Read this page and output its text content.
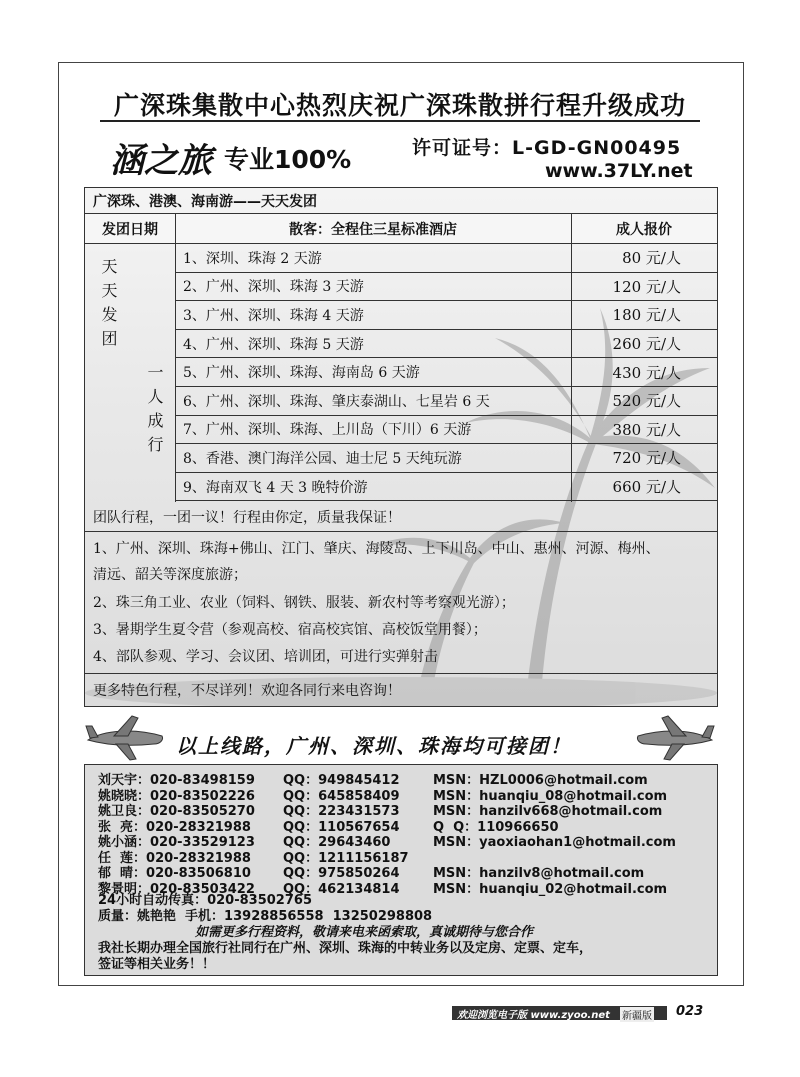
广深珠集散中心热烈庆祝广深珠散拼行程升级成功
涵之旅 专业100%	许可证号：L-GD-GN00495
www.37LY.net
广深珠、港澳、海南游——天天发团
发团日期	散客：全程住三星标准酒店	成人报价
1、深圳、珠海 2 天游	80 元/人
2、广州、深圳、珠海 3 天游	120 元/人
3、广州、深圳、珠海 4 天游	180 元/人
4、广州、深圳、珠海 5 天游	260 元/人
5、广州、深圳、珠海、海南岛 6 天游	430 元/人
6、广州、深圳、珠海、肇庆泰湖山、七星岩 6 天	520 元/人
7、广州、深圳、珠海、上川岛（下川）6 天游	380 元/人
8、香港、澳门海洋公园、迪士尼 5 天纯玩游	720 元/人
9、海南双飞 4 天 3 晚特价游	660 元/人
天天发团
一人成行
团队行程，一团一议！行程由你定，质量我保证！
1、广州、深圳、珠海+佛山、江门、肇庆、海陵岛、上下川岛、中山、惠州、河源、梅州、
清远、韶关等深度旅游；
2、珠三角工业、农业（饲料、钢铁、服装、新农村等考察观光游）；
3、暑期学生夏令营（参观高校、宿高校宾馆、高校饭堂用餐）；
4、部队参观、学习、会议团、培训团，可进行实弹射击
更多特色行程，不尽详列！欢迎各同行来电咨询！
以上线路，广州、深圳、珠海均可接团！
刘天宇：020-83498159 QQ：949845412	MSN：HZL0006@hotmail.com
姚晓晓：020-83502226 QQ：645858409	MSN：huanqiu_08@hotmail.com
姚卫良：020-83505270 QQ：223431573	MSN：hanzilv668@hotmail.com
张  亮：020-28321988 QQ：110567654	Q  Q：110966650
姚小涵：020-33529123 QQ：29643460	MSN：yaoxiaohan1@hotmail.com
任  莲：020-28321988 QQ：1211156187
郁  晴：020-83506810 QQ：975850264	MSN：hanzilv8@hotmail.com
黎景明：020-83503422 QQ：462134814	MSN：huanqiu_02@hotmail.com
24小时自动传真：020-83502765
质量：姚艳艳  手机：13928856558  13250298808
如需更多行程资料，敬请来电来函索取，真诚期待与您合作
我社长期办理全国旅行社同行在广州、深圳、珠海的中转业务以及定房、定票、定车，
签证等相关业务！！
欢迎浏览电子版 www.zyoo.net 新疆版 023
